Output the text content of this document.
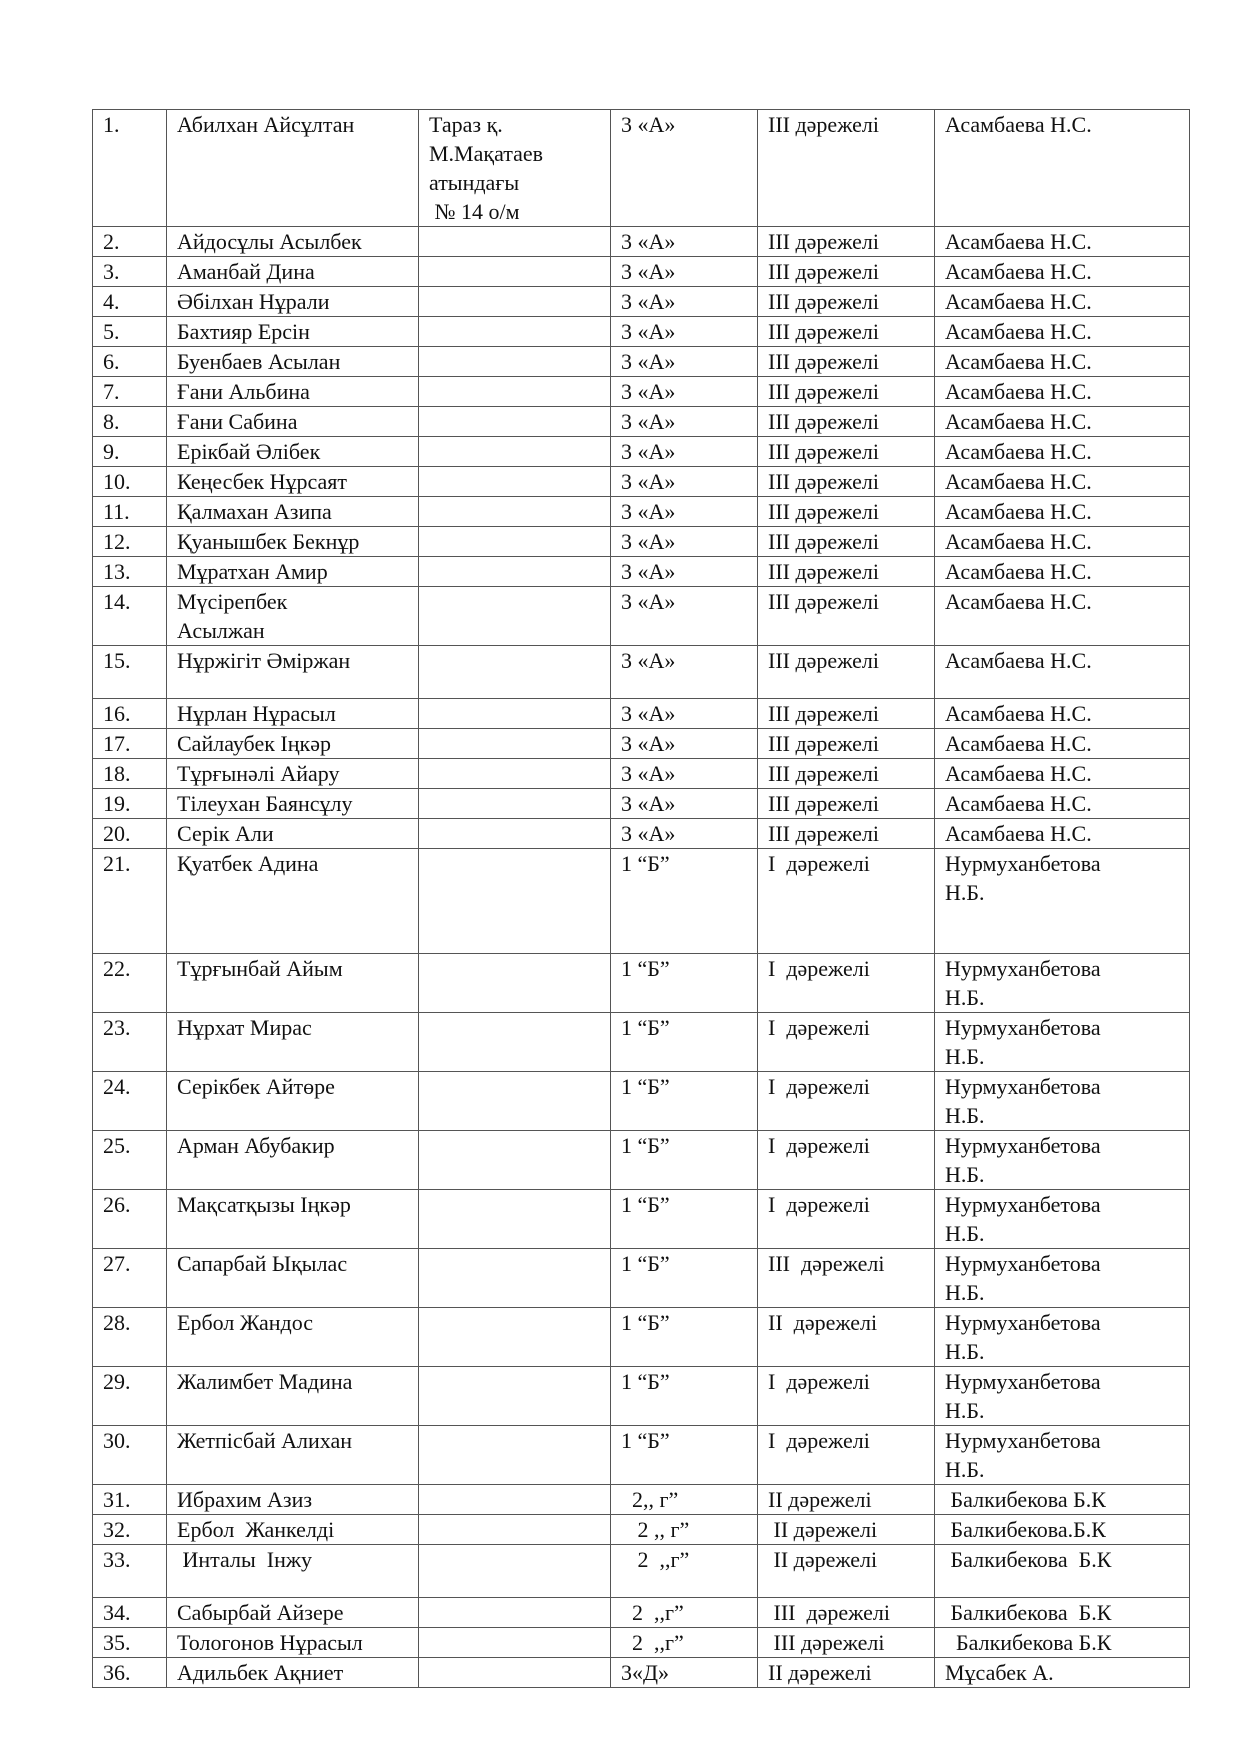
1.	Абилхан Айсұлтан	Тараз қ.
М.Мақатаев
атындағы
№ 14 о/м	3 «А»	ІІІ дәрежелі	Асамбаева Н.С.
2.	Айдосұлы Асылбек		3 «А»	ІІІ дәрежелі	Асамбаева Н.С.
3.	Аманбай Дина		3 «А»	ІІІ дәрежелі	Асамбаева Н.С.
4.	Әбілхан Нұрали		3 «А»	ІІІ дәрежелі	Асамбаева Н.С.
5.	Бахтияр Ерсін		3 «А»	ІІІ дәрежелі	Асамбаева Н.С.
6.	Буенбаев Асылан		3 «А»	ІІІ дәрежелі	Асамбаева Н.С.
7.	Ғани Альбина		3 «А»	ІІІ дәрежелі	Асамбаева Н.С.
8.	Ғани Сабина		3 «А»	ІІІ дәрежелі	Асамбаева Н.С.
9.	Ерікбай Әлібек		3 «А»	ІІІ дәрежелі	Асамбаева Н.С.
10.	Кеңесбек Нұрсаят		3 «А»	ІІІ дәрежелі	Асамбаева Н.С.
11.	Қалмахан Азипа		3 «А»	ІІІ дәрежелі	Асамбаева Н.С.
12.	Қуанышбек Бекнұр		3 «А»	ІІІ дәрежелі	Асамбаева Н.С.
13.	Мұратхан Амир		3 «А»	ІІІ дәрежелі	Асамбаева Н.С.
14.	Мүсірепбек
Асылжан		3 «А»	ІІІ дәрежелі	Асамбаева Н.С.
15.	Нұржігіт Әміржан		3 «А»	ІІІ дәрежелі	Асамбаева Н.С.
16.	Нұрлан Нұрасыл		3 «А»	ІІІ дәрежелі	Асамбаева Н.С.
17.	Сайлаубек Іңкәр		3 «А»	ІІІ дәрежелі	Асамбаева Н.С.
18.	Тұрғынәлі Айару		3 «А»	ІІІ дәрежелі	Асамбаева Н.С.
19.	Тілеухан Баянсұлу		3 «А»	ІІІ дәрежелі	Асамбаева Н.С.
20.	Серік Али		3 «А»	ІІІ дәрежелі	Асамбаева Н.С.
21.	Қуатбек Адина		1 “Б”	І  дәрежелі	Нурмуханбетова
Н.Б.
22.	Тұрғынбай Айым		1 “Б”	І  дәрежелі	Нурмуханбетова
Н.Б.
23.	Нұрхат Мирас		1 “Б”	І  дәрежелі	Нурмуханбетова
Н.Б.
24.	Серікбек Айтөре		1 “Б”	І  дәрежелі	Нурмуханбетова
Н.Б.
25.	Арман Абубакир		1 “Б”	І  дәрежелі	Нурмуханбетова
Н.Б.
26.	Мақсатқызы Іңкәр		1 “Б”	І  дәрежелі	Нурмуханбетова
Н.Б.
27.	Сапарбай Ықылас		1 “Б”	ІІІ  дәрежелі	Нурмуханбетова
Н.Б.
28.	Ербол Жандос		1 “Б”	ІІ  дәрежелі	Нурмуханбетова
Н.Б.
29.	Жалимбет Мадина		1 “Б”	І  дәрежелі	Нурмуханбетова
Н.Б.
30.	Жетпісбай Алихан		1 “Б”	І  дәрежелі	Нурмуханбетова
Н.Б.
31.	Ибрахим Азиз		2,, г”	ІІ дәрежелі	Балкибекова Б.К
32.	Ербол  Жанкелді		2 ,, г”	ІІ дәрежелі	Балкибекова.Б.К
33.	Инталы  Інжу		2  ,,г”	ІІ дәрежелі	Балкибекова  Б.К
34.	Сабырбай Айзере		2  ,,г”	ІІІ  дәрежелі	Балкибекова  Б.К
35.	Тологонов Нұрасыл		2  ,,г”	ІІІ дәрежелі	Балкибекова Б.К
36.	Адильбек Ақниет		3«Д»	ІІ дәрежелі	Мұсабек А.
